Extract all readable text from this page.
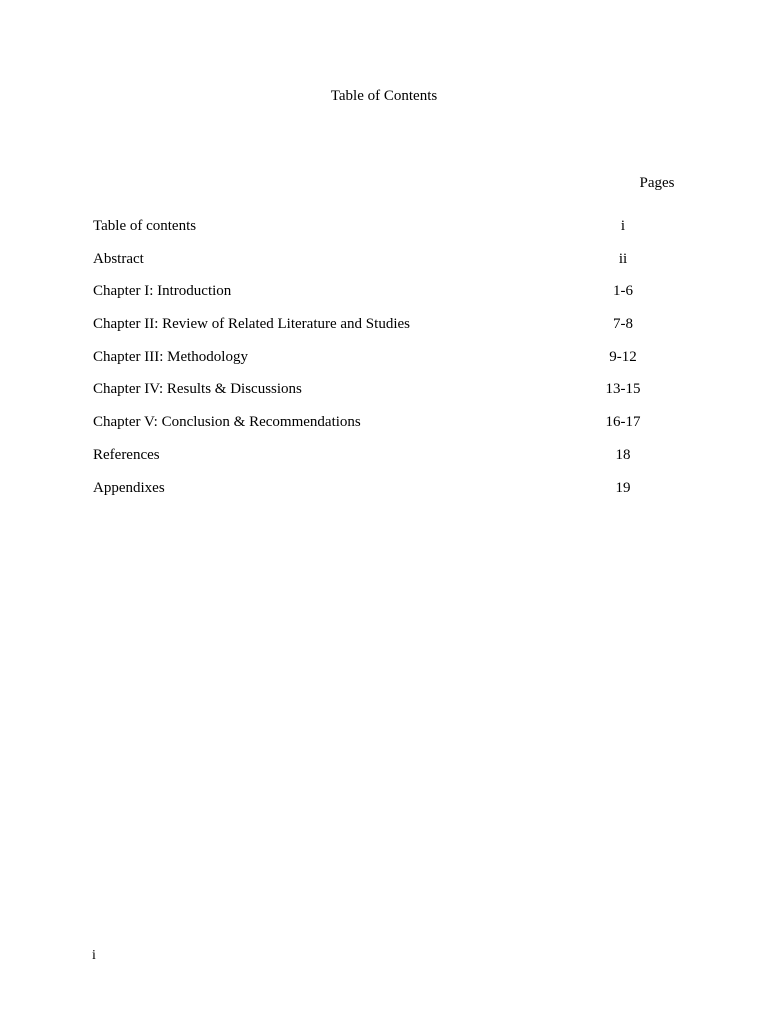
Table of Contents
Pages
Table of contents	i
Abstract	ii
Chapter I: Introduction	1-6
Chapter II: Review of Related Literature and Studies	7-8
Chapter III: Methodology	9-12
Chapter IV: Results & Discussions	13-15
Chapter V: Conclusion & Recommendations	16-17
References	18
Appendixes	19
i
